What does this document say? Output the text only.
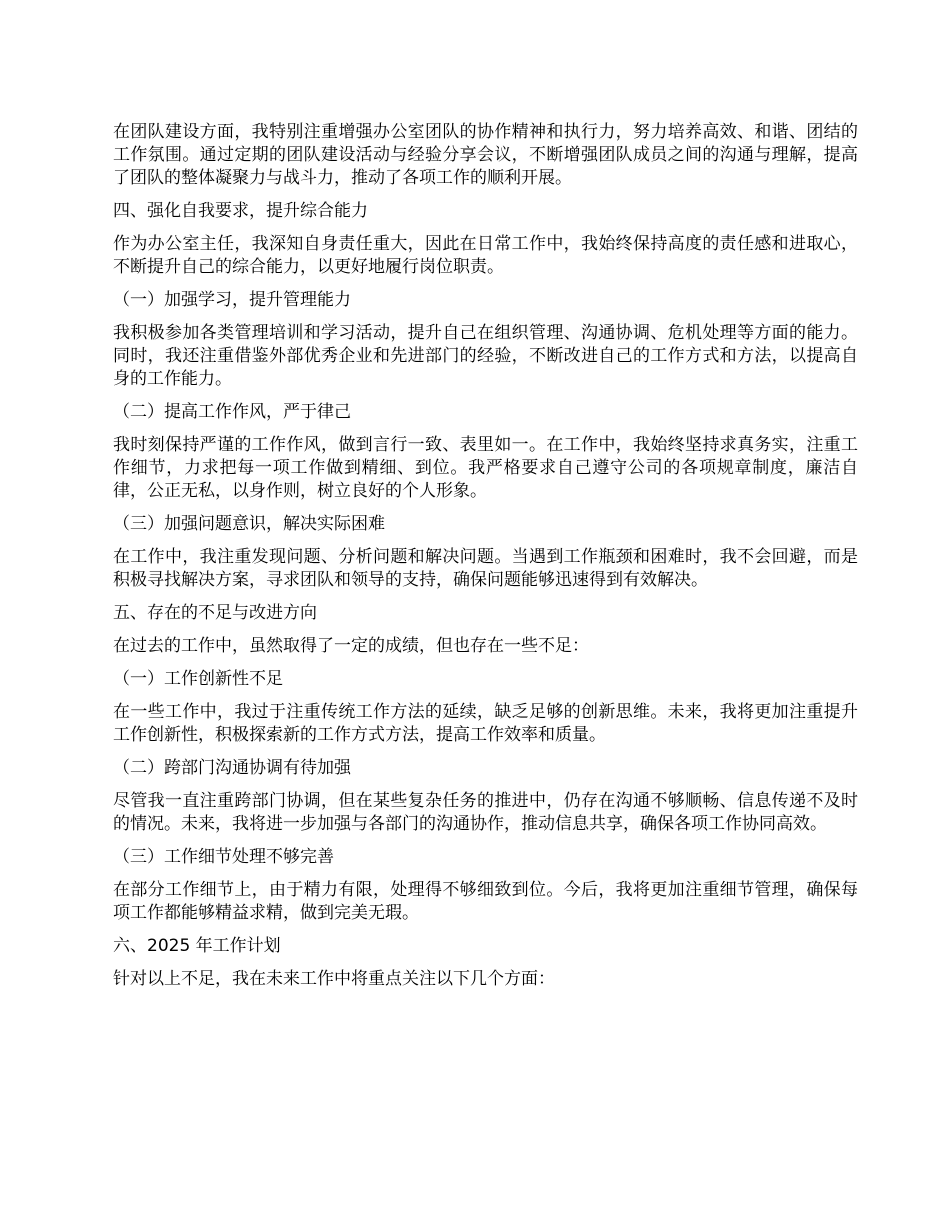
在团队建设方面，我特别注重增强办公室团队的协作精神和执行力，努力培养高效、和谐、团结的工作氛围。通过定期的团队建设活动与经验分享会议，不断增强团队成员之间的沟通与理解，提高了团队的整体凝聚力与战斗力，推动了各项工作的顺利开展。

四、强化自我要求，提升综合能力

作为办公室主任，我深知自身责任重大，因此在日常工作中，我始终保持高度的责任感和进取心，不断提升自己的综合能力，以更好地履行岗位职责。

（一）加强学习，提升管理能力

我积极参加各类管理培训和学习活动，提升自己在组织管理、沟通协调、危机处理等方面的能力。同时，我还注重借鉴外部优秀企业和先进部门的经验，不断改进自己的工作方式和方法，以提高自身的工作能力。

（二）提高工作作风，严于律己

我时刻保持严谨的工作作风，做到言行一致、表里如一。在工作中，我始终坚持求真务实，注重工作细节，力求把每一项工作做到精细、到位。我严格要求自己遵守公司的各项规章制度，廉洁自律，公正无私，以身作则，树立良好的个人形象。

（三）加强问题意识，解决实际困难

在工作中，我注重发现问题、分析问题和解决问题。当遇到工作瓶颈和困难时，我不会回避，而是积极寻找解决方案，寻求团队和领导的支持，确保问题能够迅速得到有效解决。

五、存在的不足与改进方向

在过去的工作中，虽然取得了一定的成绩，但也存在一些不足：

（一）工作创新性不足

在一些工作中，我过于注重传统工作方法的延续，缺乏足够的创新思维。未来，我将更加注重提升工作创新性，积极探索新的工作方式方法，提高工作效率和质量。

（二）跨部门沟通协调有待加强

尽管我一直注重跨部门协调，但在某些复杂任务的推进中，仍存在沟通不够顺畅、信息传递不及时的情况。未来，我将进一步加强与各部门的沟通协作，推动信息共享，确保各项工作协同高效。

（三）工作细节处理不够完善

在部分工作细节上，由于精力有限，处理得不够细致到位。今后，我将更加注重细节管理，确保每项工作都能够精益求精，做到完美无瑕。

六、2025 年工作计划

针对以上不足，我在未来工作中将重点关注以下几个方面：
